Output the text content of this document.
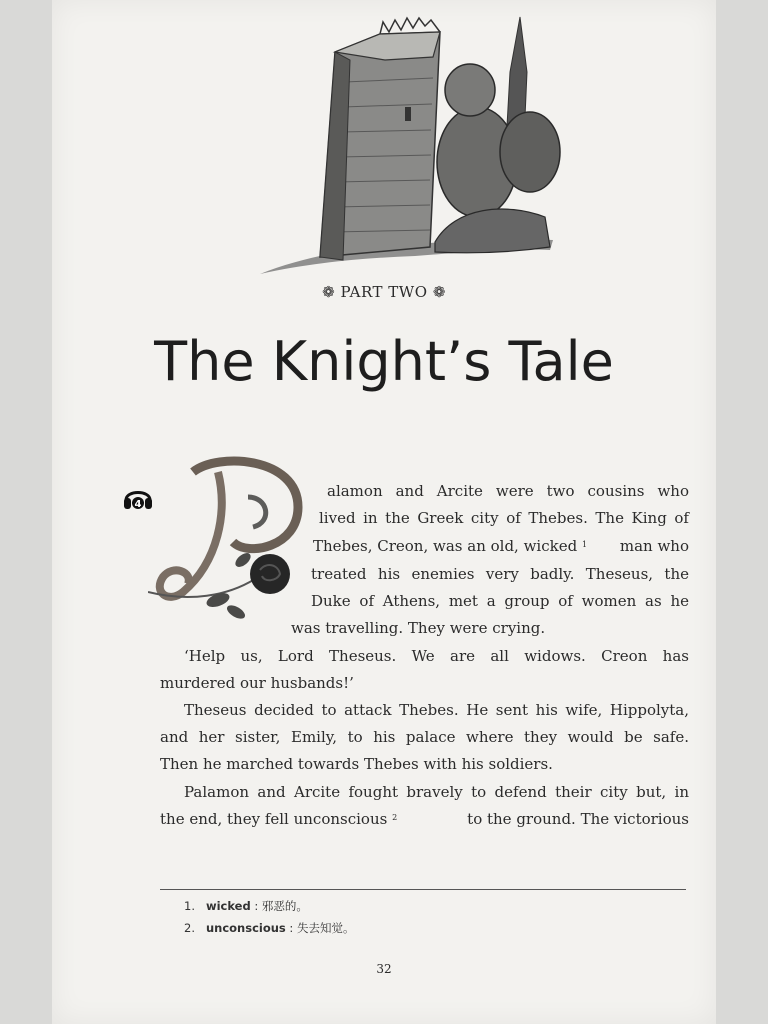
❁ PART TWO ❁
The Knight’s Tale
4
alamon and Arcite were two cousins who
lived in the Greek city of Thebes. The King of
Thebes, Creon, was an old, wicked $^1$ man who
treated his enemies very badly. Theseus, the
Duke of Athens, met a group of women as he
was travelling. They were crying.
‘Help us, Lord Theseus. We are all widows. Creon has
murdered our husbands!’
Theseus decided to attack Thebes. He sent his wife, Hippolyta,
and her sister, Emily, to his palace where they would be safe.
Then he marched towards Thebes with his soldiers.
Palamon and Arcite fought bravely to defend their city but, in
the end, they fell unconscious $^2$	to the ground. The victorious
1. wicked : 邪恶的。
2. unconscious : 失去知觉。
32
